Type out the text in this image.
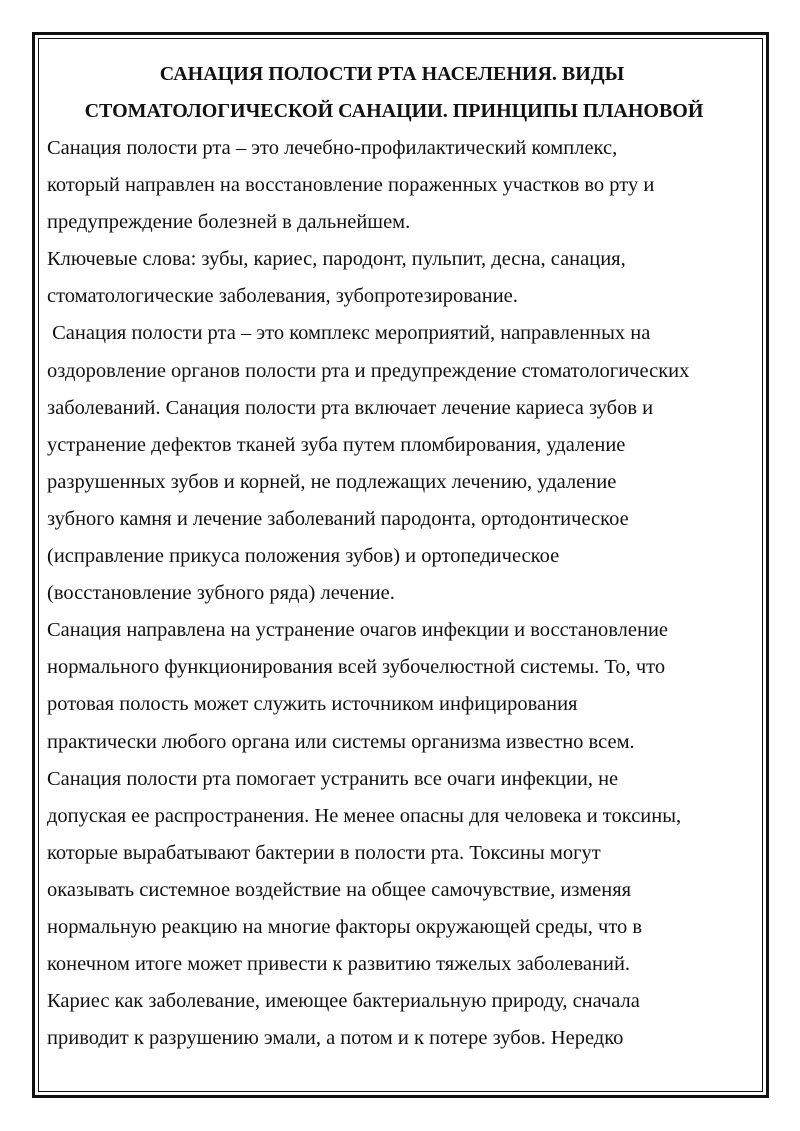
САНАЦИЯ ПОЛОСТИ РТА НАСЕЛЕНИЯ. ВИДЫ

СТОМАТОЛОГИЧЕСКОЙ САНАЦИИ. ПРИНЦИПЫ ПЛАНОВОЙ

Санация полости рта – это лечебно-профилактический комплекс,

который направлен на восстановление пораженных участков во рту и

предупреждение болезней в дальнейшем.

Ключевые слова: зубы, кариес, пародонт, пульпит, десна, санация,

стоматологические заболевания, зубопротезирование.

Санация полости рта – это комплекс мероприятий, направленных на

оздоровление органов полости рта и предупреждение стоматологических

заболеваний. Санация полости рта включает лечение кариеса зубов и

устранение дефектов тканей зуба путем пломбирования, удаление

разрушенных зубов и корней, не подлежащих лечению, удаление

зубного камня и лечение заболеваний пародонта, ортодонтическое

(исправление прикуса положения зубов) и ортопедическое

(восстановление зубного ряда) лечение.

Санация направлена на устранение очагов инфекции и восстановление

нормального функционирования всей зубочелюстной системы. То, что

ротовая полость может служить источником инфицирования

практически любого органа или системы организма известно всем.

Санация полости рта помогает устранить все очаги инфекции, не

допуская ее распространения. Не менее опасны для человека и токсины,

которые вырабатывают бактерии в полости рта. Токсины могут

оказывать системное воздействие на общее самочувствие, изменяя

нормальную реакцию на многие факторы окружающей среды, что в

конечном итоге может привести к развитию тяжелых заболеваний.

Кариес как заболевание, имеющее бактериальную природу, сначала

приводит к разрушению эмали, а потом и к потере зубов. Нередко
